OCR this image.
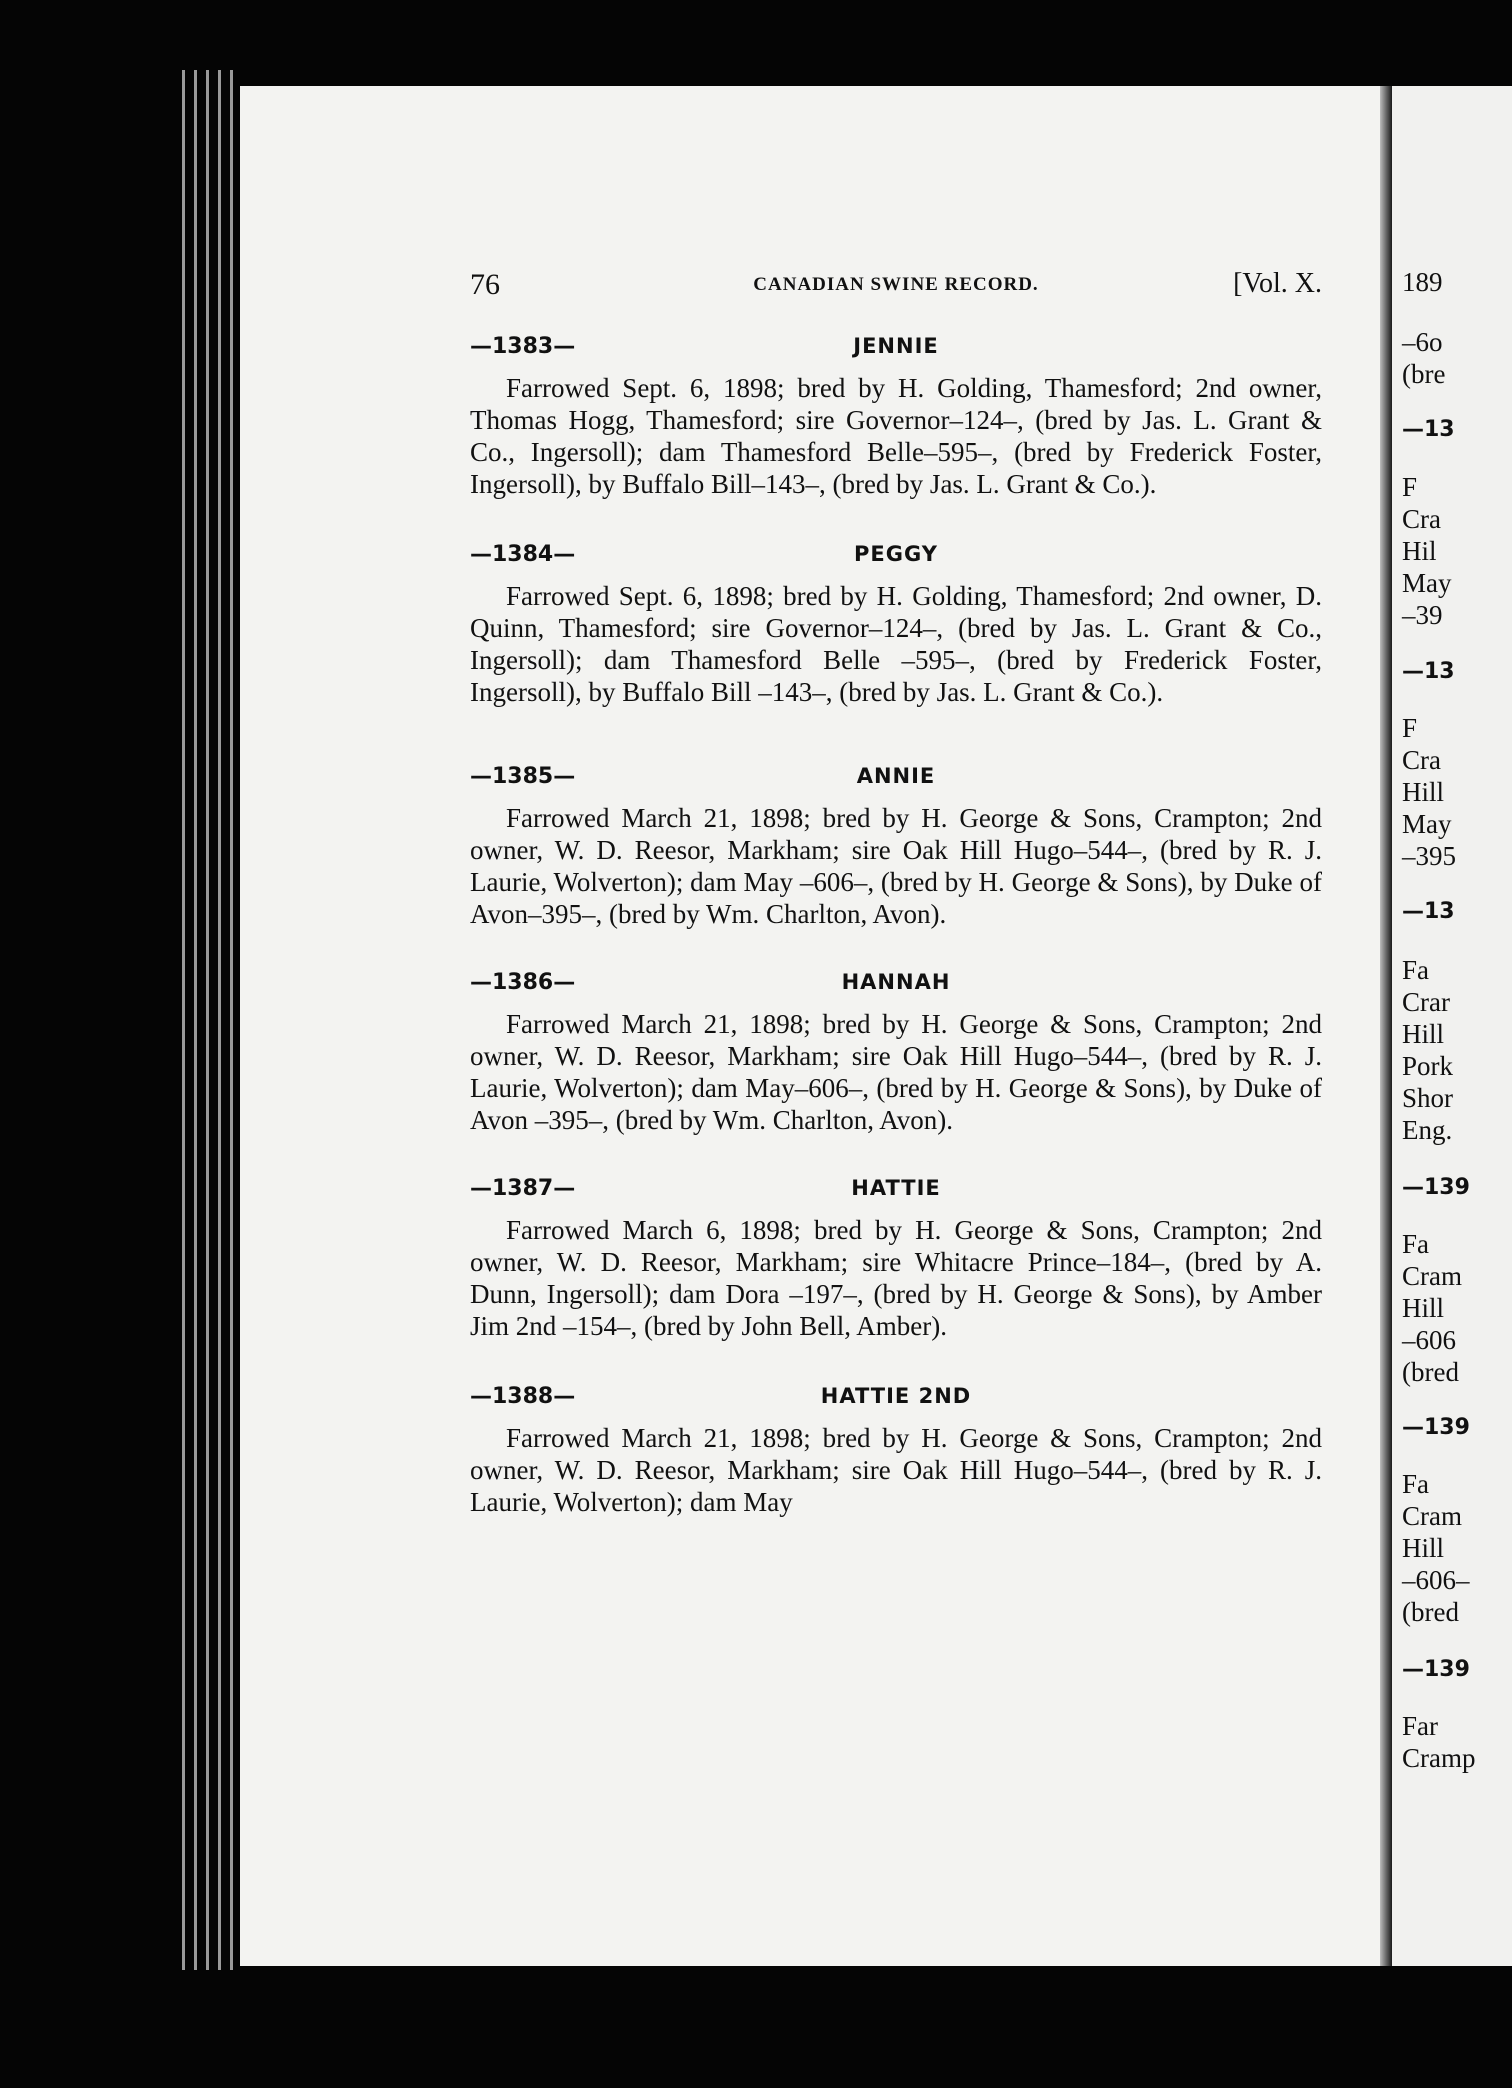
76	CANADIAN SWINE RECORD.	[Vol. X.
—1383—	JENNIE

Farrowed Sept. 6, 1898; bred by H. Golding, Thamesford; 2nd owner, Thomas Hogg, Thamesford; sire Governor–124–, (bred by Jas. L. Grant & Co., Ingersoll); dam Thamesford Belle–595–, (bred by Frederick Foster, Ingersoll), by Buffalo Bill–143–, (bred by Jas. L. Grant & Co.).

—1384—	PEGGY

Farrowed Sept. 6, 1898; bred by H. Golding, Thamesford; 2nd owner, D. Quinn, Thamesford; sire Governor–124–, (bred by Jas. L. Grant & Co., Ingersoll); dam Thamesford Belle –595–, (bred by Frederick Foster, Ingersoll), by Buffalo Bill –143–, (bred by Jas. L. Grant & Co.).

—1385—	ANNIE

Farrowed March 21, 1898; bred by H. George & Sons, Crampton; 2nd owner, W. D. Reesor, Markham; sire Oak Hill Hugo–544–, (bred by R. J. Laurie, Wolverton); dam May –606–, (bred by H. George & Sons), by Duke of Avon–395–, (bred by Wm. Charlton, Avon).

—1386—	HANNAH

Farrowed March 21, 1898; bred by H. George & Sons, Crampton; 2nd owner, W. D. Reesor, Markham; sire Oak Hill Hugo–544–, (bred by R. J. Laurie, Wolverton); dam May–606–, (bred by H. George & Sons), by Duke of Avon –395–, (bred by Wm. Charlton, Avon).

—1387—	HATTIE

Farrowed March 6, 1898; bred by H. George & Sons, Crampton; 2nd owner, W. D. Reesor, Markham; sire Whitacre Prince–184–, (bred by A. Dunn, Ingersoll); dam Dora –197–, (bred by H. George & Sons), by Amber Jim 2nd –154–, (bred by John Bell, Amber).

—1388—	HATTIE 2ND

Farrowed March 21, 1898; bred by H. George & Sons, Crampton; 2nd owner, W. D. Reesor, Markham; sire Oak Hill Hugo–544–, (bred by R. J. Laurie, Wolverton); dam May

189
–6o
(bre
—13
F
Cra
Hil
May
–39
—13
F
Cra
Hill
May
–395
—13
Fa
Crar
Hill
Pork
Shor
Eng.
—139
Fa
Cram
Hill
–606
(bred
—139
Fa
Cram
Hill
–606–
(bred
—139
Far
Cramp
